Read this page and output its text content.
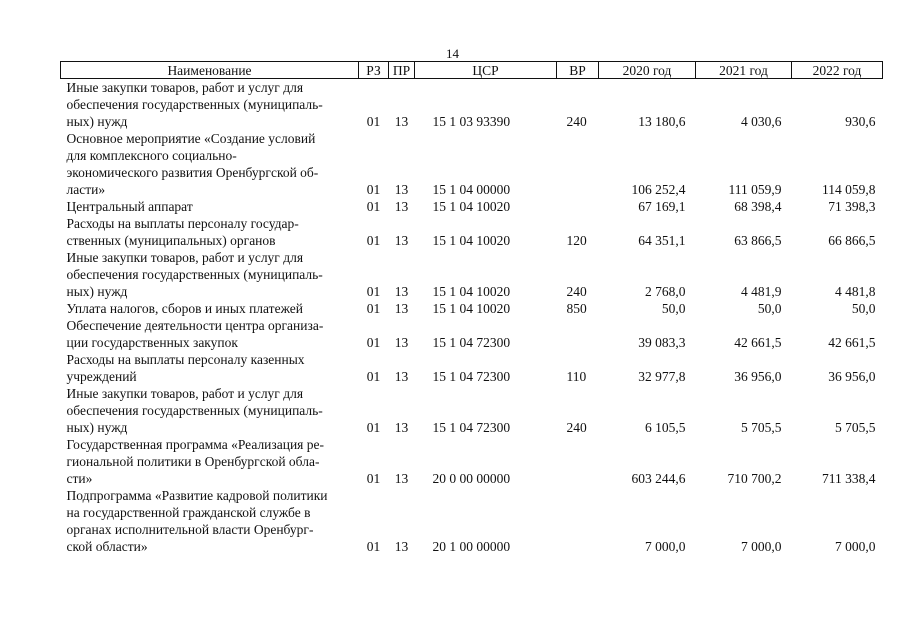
14
Наименование	РЗ	ПР	ЦСР	ВР	2020 год	2021 год	2022 год

Иные закупки товаров, работ и услуг для
обеспечения государственных (муниципаль-
ных) нужд	01	13	15 1 03 93390	240	13 180,6	4 030,6	930,6

Основное мероприятие «Создание условий
для комплексного социально-
экономического развития Оренбургской об-
ласти»	01	13	15 1 04 00000		106 252,4	111 059,9	114 059,8

Центральный аппарат	01	13	15 1 04 10020		67 169,1	68 398,4	71 398,3

Расходы на выплаты персоналу государ-
ственных (муниципальных) органов	01	13	15 1 04 10020	120	64 351,1	63 866,5	66 866,5

Иные закупки товаров, работ и услуг для
обеспечения государственных (муниципаль-
ных) нужд	01	13	15 1 04 10020	240	2 768,0	4 481,9	4 481,8

Уплата налогов, сборов и иных платежей	01	13	15 1 04 10020	850	50,0	50,0	50,0

Обеспечение деятельности центра организа-
ции государственных закупок	01	13	15 1 04 72300		39 083,3	42 661,5	42 661,5

Расходы на выплаты персоналу казенных
учреждений	01	13	15 1 04 72300	110	32 977,8	36 956,0	36 956,0

Иные закупки товаров, работ и услуг для
обеспечения государственных (муниципаль-
ных) нужд	01	13	15 1 04 72300	240	6 105,5	5 705,5	5 705,5

Государственная программа «Реализация ре-
гиональной политики в Оренбургской обла-
сти»	01	13	20 0 00 00000		603 244,6	710 700,2	711 338,4

Подпрограмма «Развитие кадровой политики
на государственной гражданской службе в
органах исполнительной власти Оренбург-
ской области»	01	13	20 1 00 00000		7 000,0	7 000,0	7 000,0
